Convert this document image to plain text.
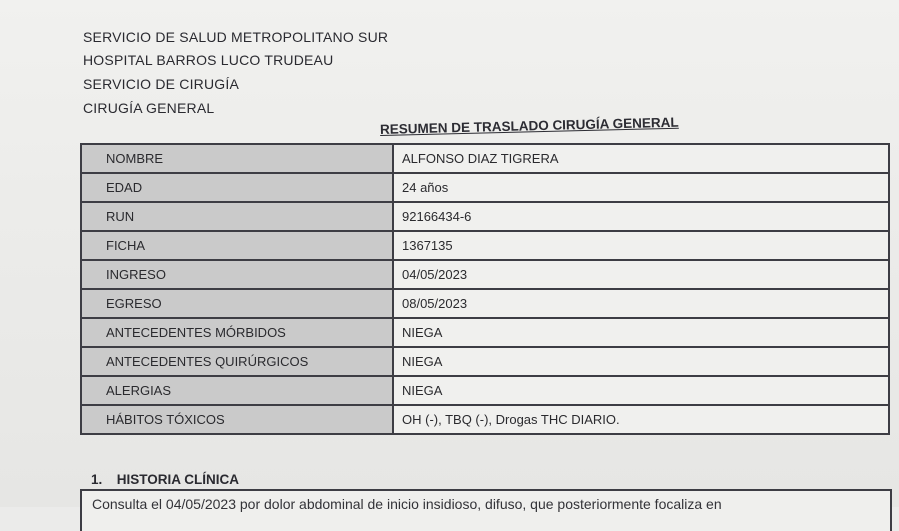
SERVICIO DE SALUD METROPOLITANO SUR
HOSPITAL BARROS LUCO TRUDEAU
SERVICIO DE CIRUGÍA
CIRUGÍA GENERAL
RESUMEN DE TRASLADO CIRUGÍA GENERAL
NOMBRE	ALFONSO DIAZ TIGRERA
EDAD	24 años
RUN	92166434-6
FICHA	1367135
INGRESO	04/05/2023
EGRESO	08/05/2023
ANTECEDENTES MÓRBIDOS	NIEGA
ANTECEDENTES QUIRÚRGICOS	NIEGA
ALERGIAS	NIEGA
HÁBITOS TÓXICOS	OH (-), TBQ (-), Drogas THC DIARIO.
1. HISTORIA CLÍNICA
Consulta el 04/05/2023 por dolor abdominal de inicio insidioso, difuso, que posteriormente focaliza en
